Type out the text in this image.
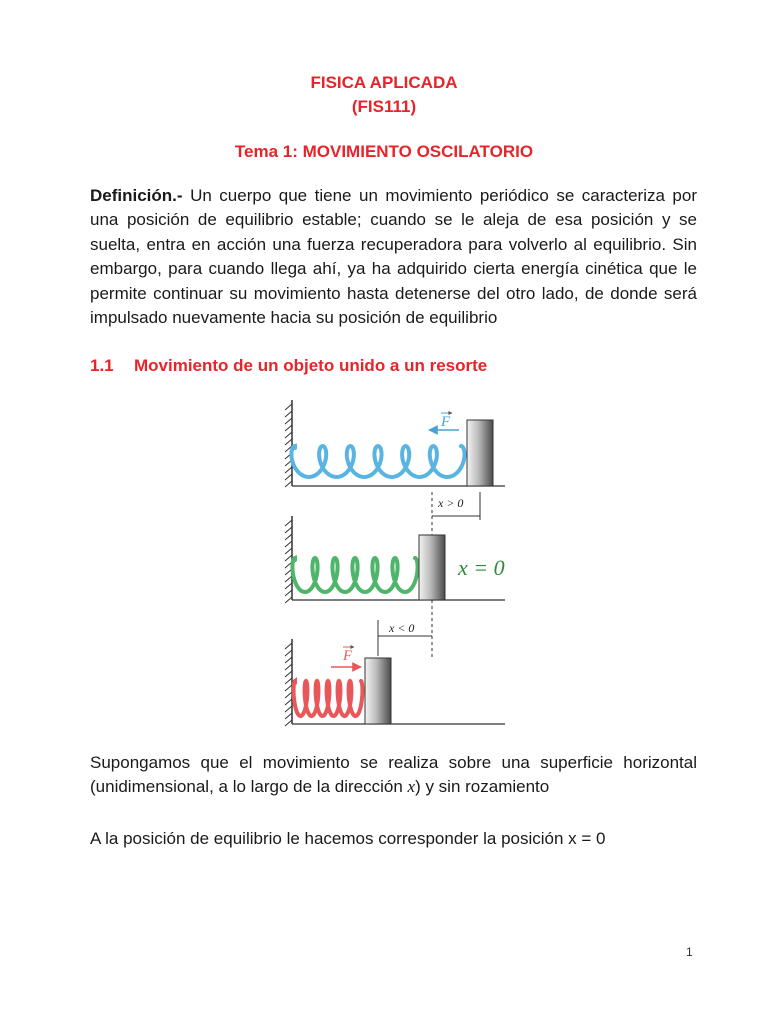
FISICA APLICADA
(FIS111)
Tema 1: MOVIMIENTO OSCILATORIO
Definición.- Un cuerpo que tiene un movimiento periódico se caracteriza por una posición de equilibrio estable; cuando se le aleja de esa posición y se suelta, entra en acción una fuerza recuperadora para volverlo al equilibrio. Sin embargo, para cuando llega ahí, ya ha adquirido cierta energía cinética que le permite continuar su movimiento hasta detenerse del otro lado, de donde será impulsado nuevamente hacia su posición de equilibrio
1.1 Movimiento de un objeto unido a un resorte
F
x > 0
x = 0
x < 0
F
Supongamos que el movimiento se realiza sobre una superficie horizontal (unidimensional, a lo largo de la dirección x) y sin rozamiento
A la posición de equilibrio le hacemos corresponder la posición x = 0
1
